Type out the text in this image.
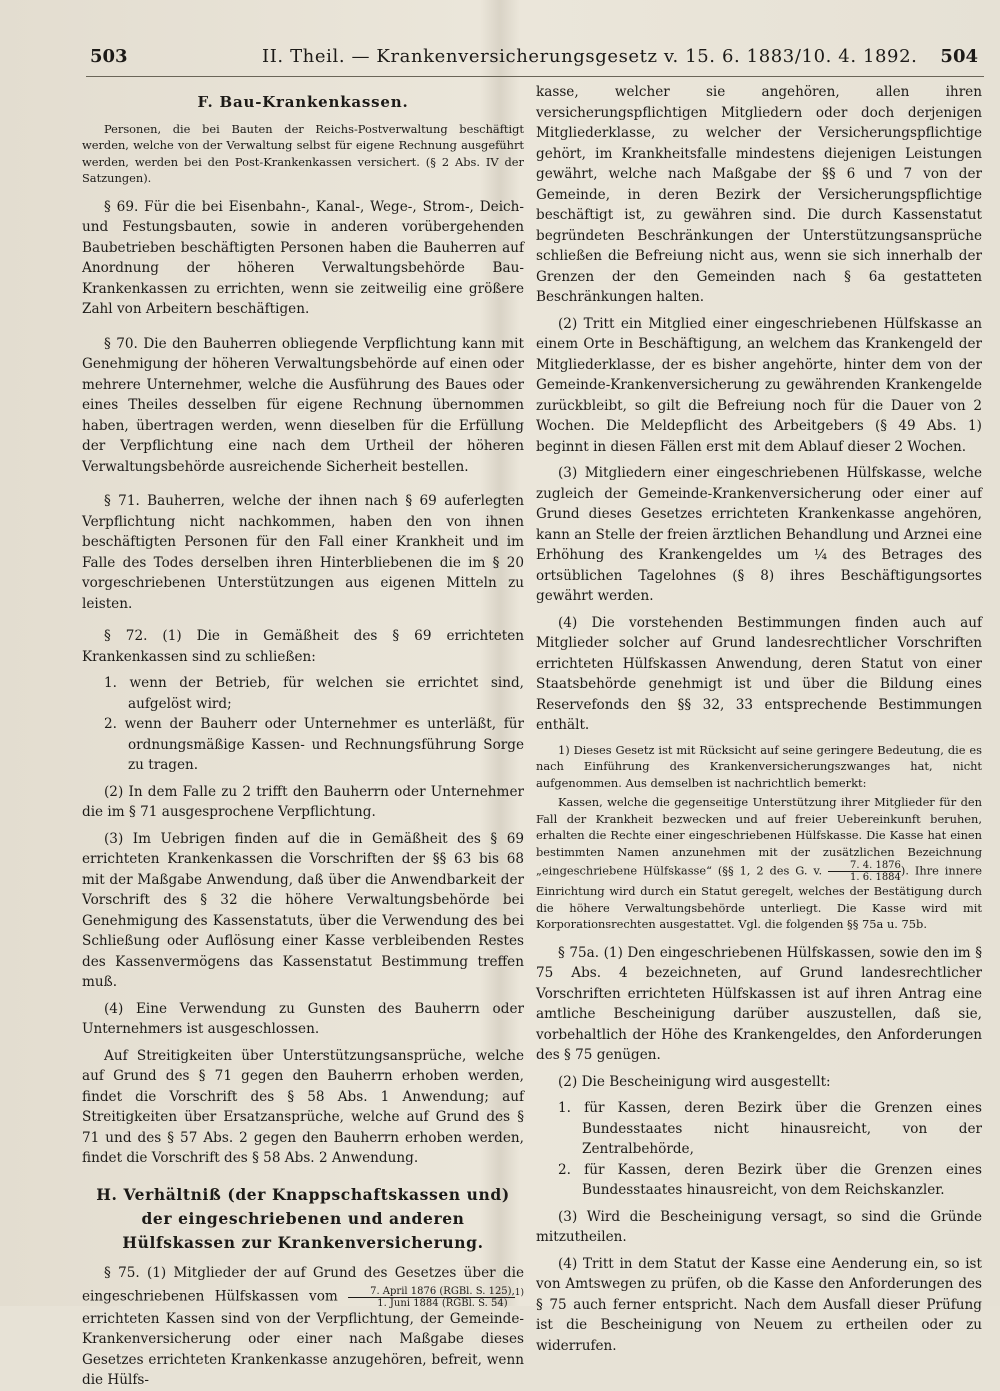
503	II. Theil. — Krankenversicherungsgesetz v. 15. 6. 1883/10. 4. 1892. 504
F. Bau-Krankenkassen.

Personen, die bei Bauten der Reichs-Postverwaltung beschäftigt werden, welche von der Verwaltung selbst für eigene Rechnung ausgeführt werden, werden bei den Post-Krankenkassen versichert. (§ 2 Abs. IV der Satzungen).

§ 69. Für die bei Eisenbahn-, Kanal-, Wege-, Strom-, Deich- und Festungsbauten, sowie in anderen vorübergehenden Baubetrieben beschäftigten Personen haben die Bauherren auf Anordnung der höheren Verwaltungsbehörde Bau-Krankenkassen zu errichten, wenn sie zeitweilig eine größere Zahl von Arbeitern beschäftigen.

§ 70. Die den Bauherren obliegende Verpflichtung kann mit Genehmigung der höheren Verwaltungsbehörde auf einen oder mehrere Unternehmer, welche die Ausführung des Baues oder eines Theiles desselben für eigene Rechnung übernommen haben, übertragen werden, wenn dieselben für die Erfüllung der Verpflichtung eine nach dem Urtheil der höheren Verwaltungsbehörde ausreichende Sicherheit bestellen.

§ 71. Bauherren, welche der ihnen nach § 69 auferlegten Verpflichtung nicht nachkommen, haben den von ihnen beschäftigten Personen für den Fall einer Krankheit und im Falle des Todes derselben ihren Hinterbliebenen die im § 20 vorgeschriebenen Unterstützungen aus eigenen Mitteln zu leisten.

§ 72. (1) Die in Gemäßheit des § 69 errichteten Krankenkassen sind zu schließen:

1. wenn der Betrieb, für welchen sie errichtet sind, aufgelöst wird;
2. wenn der Bauherr oder Unternehmer es unterläßt, für ordnungsmäßige Kassen- und Rechnungsführung Sorge zu tragen.

(2) In dem Falle zu 2 trifft den Bauherrn oder Unternehmer die im § 71 ausgesprochene Verpflichtung.

(3) Im Uebrigen finden auf die in Gemäßheit des § 69 errichteten Krankenkassen die Vorschriften der §§ 63 bis 68 mit der Maßgabe Anwendung, daß über die Anwendbarkeit der Vorschrift des § 32 die höhere Verwaltungsbehörde bei Genehmigung des Kassenstatuts, über die Verwendung des bei Schließung oder Auflösung einer Kasse verbleibenden Restes des Kassenvermögens das Kassenstatut Bestimmung treffen muß.

(4) Eine Verwendung zu Gunsten des Bauherrn oder Unternehmers ist ausgeschlossen.

Auf Streitigkeiten über Unterstützungsansprüche, welche auf Grund des § 71 gegen den Bauherrn erhoben werden, findet die Vorschrift des § 58 Abs. 1 Anwendung; auf Streitigkeiten über Ersatzansprüche, welche auf Grund des § 71 und des § 57 Abs. 2 gegen den Bauherrn erhoben werden, findet die Vorschrift des § 58 Abs. 2 Anwendung.

H. Verhältniß (der Knappschaftskassen und) der eingeschriebenen und anderen Hülfskassen zur Krankenversicherung.

§ 75. (1) Mitglieder der auf Grund des Gesetzes über die eingeschriebenen Hülfskassen vom $\frac{\text{7. April 1876 (RGBl. S. 125),}}{\text{1. Juni 1884 (RGBl. S. 54)}} ^{1)}$ errichteten Kassen sind von der Verpflichtung, der Gemeinde-Krankenversicherung oder einer nach Maßgabe dieses Gesetzes errichteten Krankenkasse anzugehören, befreit, wenn die Hülfs-

kasse, welcher sie angehören, allen ihren versicherungspflichtigen Mitgliedern oder doch derjenigen Mitgliederklasse, zu welcher der Versicherungspflichtige gehört, im Krankheitsfalle mindestens diejenigen Leistungen gewährt, welche nach Maßgabe der §§ 6 und 7 von der Gemeinde, in deren Bezirk der Versicherungspflichtige beschäftigt ist, zu gewähren sind. Die durch Kassenstatut begründeten Beschränkungen der Unterstützungsansprüche schließen die Befreiung nicht aus, wenn sie sich innerhalb der Grenzen der den Gemeinden nach § 6a gestatteten Beschränkungen halten.

(2) Tritt ein Mitglied einer eingeschriebenen Hülfskasse an einem Orte in Beschäftigung, an welchem das Krankengeld der Mitgliederklasse, der es bisher angehörte, hinter dem von der Gemeinde-Krankenversicherung zu gewährenden Krankengelde zurückbleibt, so gilt die Befreiung noch für die Dauer von 2 Wochen. Die Meldepflicht des Arbeitgebers (§ 49 Abs. 1) beginnt in diesen Fällen erst mit dem Ablauf dieser 2 Wochen.

(3) Mitgliedern einer eingeschriebenen Hülfskasse, welche zugleich der Gemeinde-Krankenversicherung oder einer auf Grund dieses Gesetzes errichteten Krankenkasse angehören, kann an Stelle der freien ärztlichen Behandlung und Arznei eine Erhöhung des Krankengeldes um ¼ des Betrages des ortsüblichen Tagelohnes (§ 8) ihres Beschäftigungsortes gewährt werden.

(4) Die vorstehenden Bestimmungen finden auch auf Mitglieder solcher auf Grund landesrechtlicher Vorschriften errichteten Hülfskassen Anwendung, deren Statut von einer Staatsbehörde genehmigt ist und über die Bildung eines Reservefonds den §§ 32, 33 entsprechende Bestimmungen enthält.

1) Dieses Gesetz ist mit Rücksicht auf seine geringere Bedeutung, die es nach Einführung des Krankenversicherungszwanges hat, nicht aufgenommen. Aus demselben ist nachrichtlich bemerkt:

Kassen, welche die gegenseitige Unterstützung ihrer Mitglieder für den Fall der Krankheit bezwecken und auf freier Uebereinkunft beruhen, erhalten die Rechte einer eingeschriebenen Hülfskasse. Die Kasse hat einen bestimmten Namen anzunehmen mit der zusätzlichen Bezeichnung „eingeschriebene Hülfskasse“ (§§ 1, 2 des G. v. $\frac{7. 4. 1876}{1. 6. 1884}$ ). Ihre innere Einrichtung wird durch ein Statut geregelt, welches der Bestätigung durch die höhere Verwaltungsbehörde unterliegt. Die Kasse wird mit Korporationsrechten ausgestattet. Vgl. die folgenden §§ 75a u. 75b.

§ 75a. (1) Den eingeschriebenen Hülfskassen, sowie den im § 75 Abs. 4 bezeichneten, auf Grund landesrechtlicher Vorschriften errichteten Hülfskassen ist auf ihren Antrag eine amtliche Bescheinigung darüber auszustellen, daß sie, vorbehaltlich der Höhe des Krankengeldes, den Anforderungen des § 75 genügen.

(2) Die Bescheinigung wird ausgestellt:

1. für Kassen, deren Bezirk über die Grenzen eines Bundesstaates nicht hinausreicht, von der Zentralbehörde,
2. für Kassen, deren Bezirk über die Grenzen eines Bundesstaates hinausreicht, von dem Reichskanzler.

(3) Wird die Bescheinigung versagt, so sind die Gründe mitzutheilen.

(4) Tritt in dem Statut der Kasse eine Aenderung ein, so ist von Amtswegen zu prüfen, ob die Kasse den Anforderungen des § 75 auch ferner entspricht. Nach dem Ausfall dieser Prüfung ist die Bescheinigung von Neuem zu ertheilen oder zu widerrufen.
